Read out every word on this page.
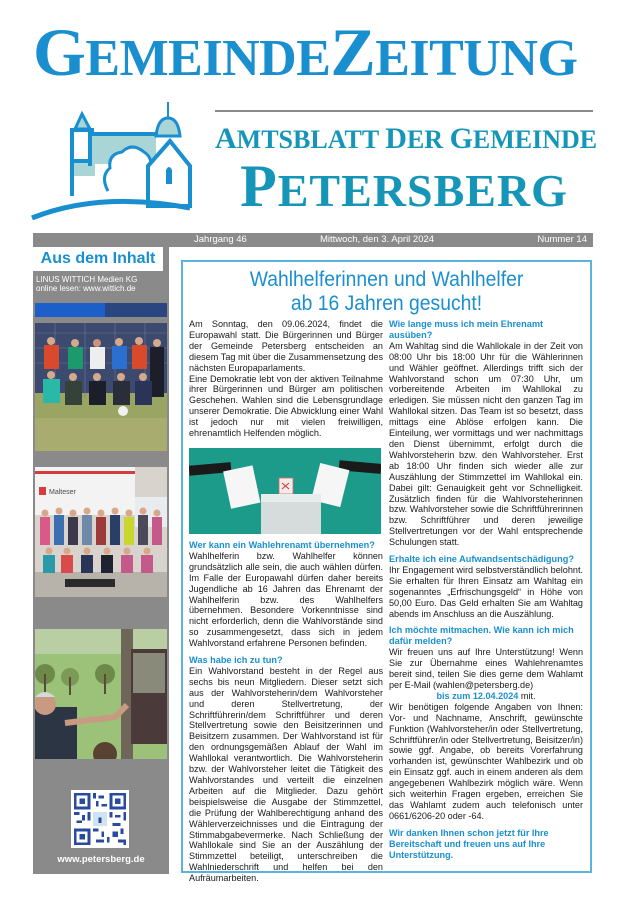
GEMEINDEZEITUNG
AMTSBLATT DER GEMEINDE
PETERSBERG
Jahrgang 46	Mittwoch, den 3. April 2024	Nummer 14
Aus dem Inhalt
LINUS WITTICH Medien KG
online lesen: www.wittich.de
Malteser
www.petersberg.de
Wahlhelferinnen und Wahlhelfer
ab 16 Jahren gesucht!

Am Sonntag, den 09.06.2024, findet die Europawahl statt. Die Bürgerinnen und Bürger der Gemeinde Petersberg entscheiden an diesem Tag mit über die Zusammensetzung des nächsten Europaparlaments.

Eine Demokratie lebt von der aktiven Teilnahme ihrer Bürgerinnen und Bürger am politischen Geschehen. Wahlen sind die Lebensgrundlage unserer Demokratie. Die Abwicklung einer Wahl ist jedoch nur mit vielen freiwilligen, ehrenamtlich Helfenden möglich.

Wer kann ein Wahlehrenamt übernehmen?

Wahlhelferin bzw. Wahlhelfer können grundsätzlich alle sein, die auch wählen dürfen. Im Falle der Europawahl dürfen daher bereits Jugendliche ab 16 Jahren das Ehrenamt der Wahlhelferin bzw. des Wahlhelfers übernehmen. Besondere Vorkenntnisse sind nicht erforderlich, denn die Wahlvorstände sind so zusammengesetzt, dass sich in jedem Wahlvorstand erfahrene Personen befinden.

Was habe ich zu tun?

Ein Wahlvorstand besteht in der Regel aus sechs bis neun Mitgliedern. Dieser setzt sich aus der Wahlvorsteherin/dem Wahlvorsteher und deren Stellvertretung, der Schriftführerin/dem Schriftführer und deren Stellvertretung sowie den Beisitzerinnen und Beisitzern zusammen. Der Wahlvorstand ist für den ordnungsgemäßen Ablauf der Wahl im Wahllokal verantwortlich. Die Wahlvorsteherin bzw. der Wahlvorsteher leitet die Tätigkeit des Wahlvorstandes und verteilt die einzelnen Arbeiten auf die Mitglieder. Dazu gehört beispielsweise die Ausgabe der Stimmzettel, die Prüfung der Wahlberechtigung anhand des Wählerverzeichnisses und die Eintragung der Stimmabgabevermerke. Nach Schließung der Wahllokale sind Sie an der Auszählung der Stimmzettel beteiligt, unterschreiben die Wahlniederschrift und helfen bei den Aufräumarbeiten.

Wie lange muss ich mein Ehrenamt ausüben?

Am Wahltag sind die Wahllokale in der Zeit von 08:00 Uhr bis 18:00 Uhr für die Wählerinnen und Wähler geöffnet. Allerdings trifft sich der Wahlvorstand schon um 07:30 Uhr, um vorbereitende Arbeiten im Wahllokal zu erledigen. Sie müssen nicht den ganzen Tag im Wahllokal sitzen. Das Team ist so besetzt, dass mittags eine Ablöse erfolgen kann. Die Einteilung, wer vormittags und wer nachmittags den Dienst übernimmt, erfolgt durch die Wahlvorsteherin bzw. den Wahlvorsteher. Erst ab 18:00 Uhr finden sich wieder alle zur Auszählung der Stimmzettel im Wahllokal ein. Dabei gilt: Genauigkeit geht vor Schnelligkeit. Zusätzlich finden für die Wahlvorsteherinnen bzw. Wahlvorsteher sowie die Schriftführerinnen bzw. Schriftführer und deren jeweilige Stellvertretungen vor der Wahl entsprechende Schulungen statt.

Erhalte ich eine Aufwandsentschädigung?

Ihr Engagement wird selbstverständlich belohnt. Sie erhalten für Ihren Einsatz am Wahltag ein sogenanntes „Erfrischungsgeld“ in Höhe von 50,00 Euro. Das Geld erhalten Sie am Wahltag abends im Anschluss an die Auszählung.

Ich möchte mitmachen. Wie kann ich mich dafür melden?

Wir freuen uns auf Ihre Unterstützung! Wenn Sie zur Übernahme eines Wahlehrenamtes bereit sind, teilen Sie dies gerne dem Wahlamt per E-Mail (wahlen@petersberg.de)

bis zum 12.04.2024 mit.

Wir benötigen folgende Angaben von Ihnen: Vor- und Nachname, Anschrift, gewünschte Funktion (Wahlvorsteher/in oder Stellvertretung, Schriftführer/in oder Stellvertretung, Beisitzer/in) sowie ggf. Angabe, ob bereits Vorerfahrung vorhanden ist, gewünschter Wahlbezirk und ob ein Einsatz ggf. auch in einem anderen als dem angegebenen Wahlbezirk möglich wäre. Wenn sich weiterhin Fragen ergeben, erreichen Sie das Wahlamt zudem auch telefonisch unter 0661/6206-20 oder -64.

Wir danken Ihnen schon jetzt für Ihre Bereitschaft und freuen uns auf Ihre Unterstützung.
